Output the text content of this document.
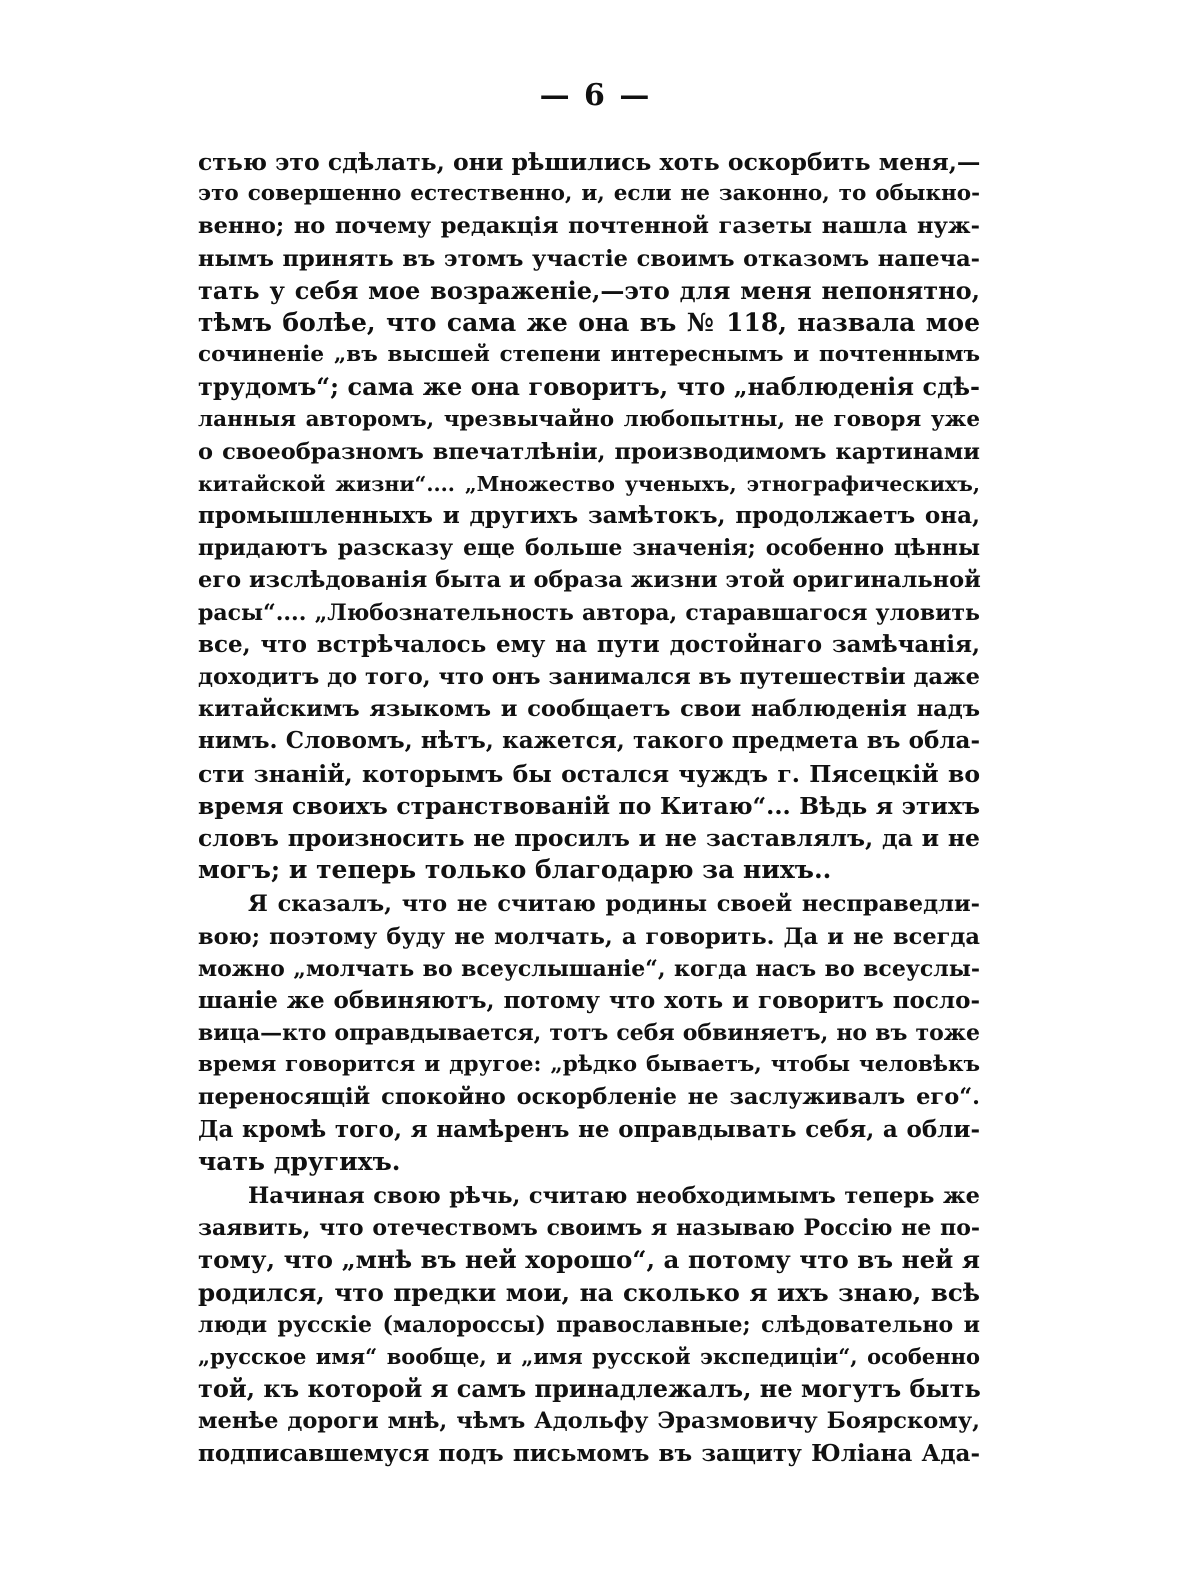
— 6 —
стью это сдѣлать, они рѣшились хоть оскорбить меня,—
это совершенно естественно, и, если не законно, то обыкно-
венно; но почему редакція почтенной газеты нашла нуж-
нымъ принять въ этомъ участіе своимъ отказомъ напеча-
тать у себя мое возраженіе,—это для меня непонятно,
тѣмъ болѣе, что сама же она въ № 118, назвала мое
сочиненіе „въ высшей степени интереснымъ и почтеннымъ
трудомъ“; сама же она говоритъ, что „наблюденія сдѣ-
ланныя авторомъ, чрезвычайно любопытны, не говоря уже
о своеобразномъ впечатлѣніи, производимомъ картинами
китайской жизни“.... „Множество ученыхъ, этнографическихъ,
промышленныхъ и другихъ замѣтокъ, продолжаетъ она,
придаютъ разсказу еще больше значенія; особенно цѣнны
его изслѣдованія быта и образа жизни этой оригинальной
расы“.... „Любознательность автора, старавшагося уловить
все, что встрѣчалось ему на пути достойнаго замѣчанія,
доходитъ до того, что онъ занимался въ путешествіи даже
китайскимъ языкомъ и сообщаетъ свои наблюденія надъ
нимъ. Словомъ, нѣтъ, кажется, такого предмета въ обла-
сти знаній, которымъ бы остался чуждъ г. Пясецкій во
время своихъ странствованій по Китаю“... Вѣдь я этихъ
словъ произносить не просилъ и не заставлялъ, да и не
могъ; и теперь только благодарю за нихъ..
Я сказалъ, что не считаю родины своей несправедли-
вою; поэтому буду не молчать, а говорить. Да и не всегда
можно „молчать во всеуслышаніе“, когда насъ во всеуслы-
шаніе же обвиняютъ, потому что хоть и говоритъ посло-
вица—кто оправдывается, тотъ себя обвиняетъ, но въ тоже
время говорится и другое: „рѣдко бываетъ, чтобы человѣкъ
переносящій спокойно оскорбленіе не заслуживалъ его“.
Да кромѣ того, я намѣренъ не оправдывать себя, а обли-
чать другихъ.
Начиная свою рѣчь, считаю необходимымъ теперь же
заявить, что отечествомъ своимъ я называю Россію не по-
тому, что „мнѣ въ ней хорошо“, а потому что въ ней я
родился, что предки мои, на сколько я ихъ знаю, всѣ
люди русскіе (малороссы) православные; слѣдовательно и
„русское имя“ вообще, и „имя русской экспедиціи“, особенно
той, къ которой я самъ принадлежалъ, не могутъ быть
менѣе дороги мнѣ, чѣмъ Адольфу Эразмовичу Боярскому,
подписавшемуся подъ письмомъ въ защиту Юліана Ада-
